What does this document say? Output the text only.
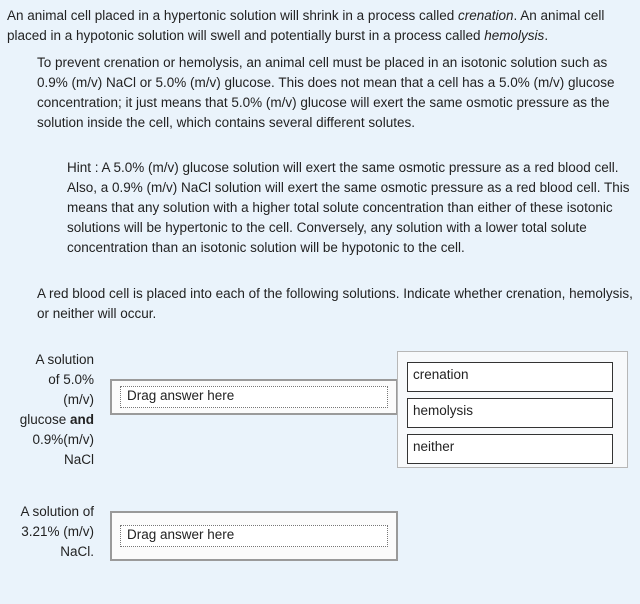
An animal cell placed in a hypertonic solution will shrink in a process called crenation. An animal cell placed in a hypotonic solution will swell and potentially burst in a process called hemolysis.
To prevent crenation or hemolysis, an animal cell must be placed in an isotonic solution such as 0.9% (m/v) NaCl or 5.0% (m/v) glucose. This does not mean that a cell has a 5.0% (m/v) glucose concentration; it just means that 5.0% (m/v) glucose will exert the same osmotic pressure as the solution inside the cell, which contains several different solutes.
Hint : A 5.0% (m/v) glucose solution will exert the same osmotic pressure as a red blood cell. Also, a 0.9% (m/v) NaCl solution will exert the same osmotic pressure as a red blood cell. This means that any solution with a higher total solute concentration than either of these isotonic solutions will be hypertonic to the cell. Conversely, any solution with a lower total solute concentration than an isotonic solution will be hypotonic to the cell.
A red blood cell is placed into each of the following solutions. Indicate whether crenation, hemolysis, or neither will occur.
A solution
of 5.0%
(m/v)
glucose and
0.9%(m/v)
NaCl
Drag answer here
A solution of
3.21% (m/v)
NaCl.
Drag answer here
crenation
hemolysis
neither
